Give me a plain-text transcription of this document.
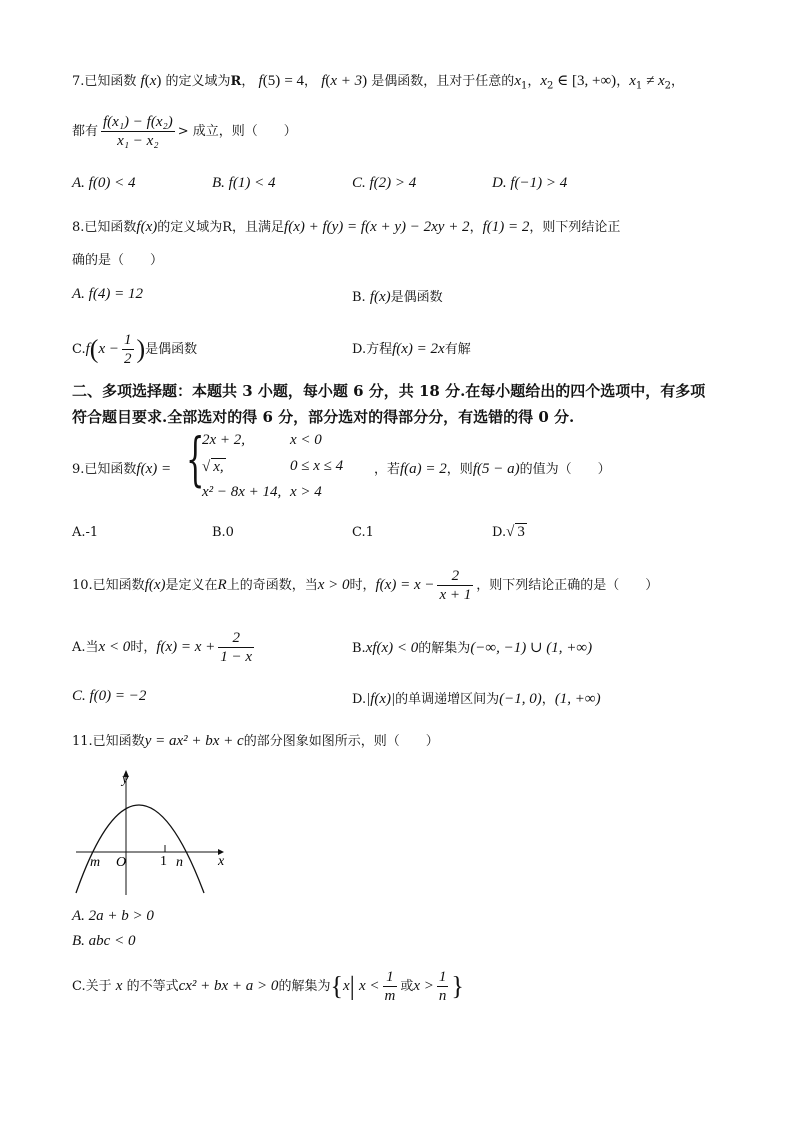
7.已知函数 f(x) 的定义域为R， f(5) = 4， f(x + 3) 是偶函数，且对于任意的$x_1$，$x_2$ ∈ [3, +∞)，$x_1 \ne x_2$，
都有 $\frac{\text{f(x₁) − f(x₂)}}{\text{x₁ − x₂}}$ > 成立，则（　　）
A. f(0) < 4	B. f(1) < 4	C. f(2) > 4	D. f(−1) > 4
8.已知函数f(x)的定义域为R，且满足f(x) + f(y) = f(x + y) − 2xy + 2，f(1) = 2，则下列结论正
确的是（　　）
A. f(4) = 12	B. f(x)是偶函数
$C.f(x - \frac{1}{2}$ )是偶函数	D.方程f(x) = 2x有解
二、多项选择题：本题共 3 小题，每小题 6 分，共 18 分.在每小题给出的四个选项中，有多项
符合题目要求.全部选对的得 6 分，部分选对的得部分分，有选错的得 0 分.
9.已知函数f(x) = {
2x + 2,	x < 0
√ x,	0 ≤ x ≤ 4
x² − 8x + 14, x > 4
，若f(a) = 2，则f(5 − a)的值为（　　）
A.-1	B.0	C.1	D.√ 3
10.已知函数f(x)是定义在R上的奇函数，当x > 0时，$f(x) = x - \frac{2}{x + 1}$ ，则下列结论正确的是（　　）
A.当x < 0时，$f(x) = x + \frac{2}{1 - x}$	B.xf(x) < 0的解集为(−∞, −1) ∪ (1, +∞)
C. f(0) = −2	D.|f(x)|的单调递增区间为(−1, 0)，(1, +∞)
11.已知函数y = ax² + bx + c的部分图象如图所示，则（　　）
y
x
m O 1 n
A. 2a + b > 0
B. abc < 0
C.关于 x 的不等式cx² + bx + a > 0的解集为{x| $x < \frac{1}{m}$ 或$x > \frac{1}{n}$ }
